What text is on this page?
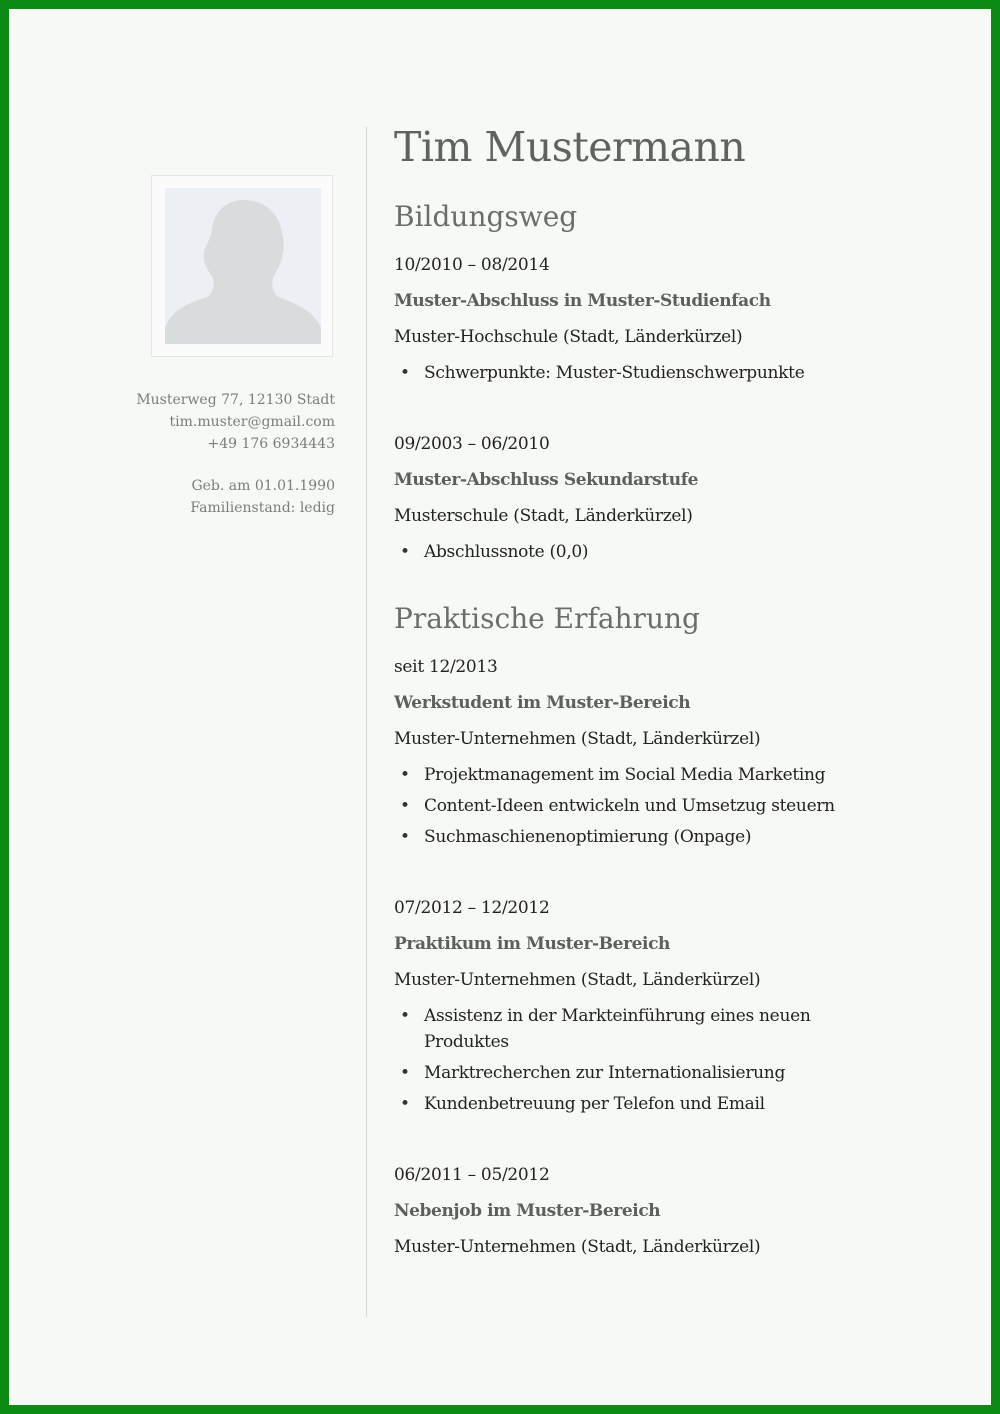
Musterweg 77, 12130 Stadt
tim.muster@gmail.com
+49 176 6934443
Geb. am 01.01.1990
Familienstand: ledig
Tim Mustermann
Bildungsweg
10/2010 – 08/2014
Muster-Abschluss in Muster-Studienfach
Muster-Hochschule (Stadt, Länderkürzel)
• Schwerpunkte: Muster-Studienschwerpunkte
09/2003 – 06/2010
Muster-Abschluss Sekundarstufe
Musterschule (Stadt, Länderkürzel)
• Abschlussnote (0,0)
Praktische Erfahrung
seit 12/2013
Werkstudent im Muster-Bereich
Muster-Unternehmen (Stadt, Länderkürzel)
• Projektmanagement im Social Media Marketing
• Content-Ideen entwickeln und Umsetzug steuern
• Suchmaschienenoptimierung (Onpage)
07/2012 – 12/2012
Praktikum im Muster-Bereich
Muster-Unternehmen (Stadt, Länderkürzel)
• Assistenz in der Markteinführung eines neuen Produktes
• Marktrecherchen zur Internationalisierung
• Kundenbetreuung per Telefon und Email
06/2011 – 05/2012
Nebenjob im Muster-Bereich
Muster-Unternehmen (Stadt, Länderkürzel)
